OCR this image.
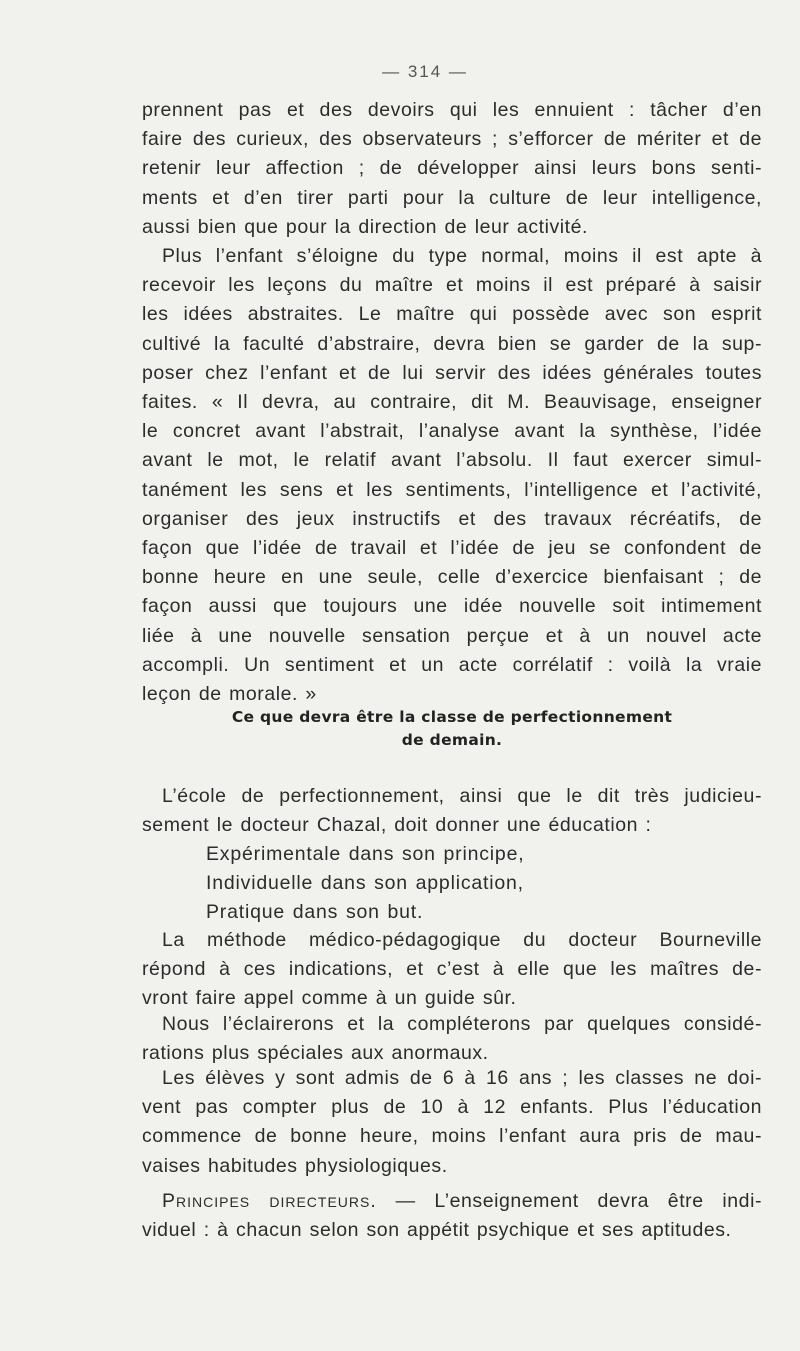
— 314 —
prennent pas et des devoirs qui les ennuient : tâcher d’en
faire des curieux, des observateurs ; s’efforcer de mériter et de
retenir leur affection ; de développer ainsi leurs bons senti-
ments et d’en tirer parti pour la culture de leur intelligence,
aussi bien que pour la direction de leur activité.
Plus l’enfant s’éloigne du type normal, moins il est apte à
recevoir les leçons du maître et moins il est préparé à saisir
les idées abstraites. Le maître qui possède avec son esprit
cultivé la faculté d’abstraire, devra bien se garder de la sup-
poser chez l’enfant et de lui servir des idées générales toutes
faites. « Il devra, au contraire, dit M. Beauvisage, enseigner
le concret avant l’abstrait, l’analyse avant la synthèse, l’idée
avant le mot, le relatif avant l’absolu. Il faut exercer simul-
tanément les sens et les sentiments, l’intelligence et l’activité,
organiser des jeux instructifs et des travaux récréatifs, de
façon que l’idée de travail et l’idée de jeu se confondent de
bonne heure en une seule, celle d’exercice bienfaisant ; de
façon aussi que toujours une idée nouvelle soit intimement
liée à une nouvelle sensation perçue et à un nouvel acte
accompli. Un sentiment et un acte corrélatif : voilà la vraie
leçon de morale. »
Ce que devra être la classe de perfectionnement
de demain.
L’école de perfectionnement, ainsi que le dit très judicieu-
sement le docteur Chazal, doit donner une éducation :
Expérimentale dans son principe,
Individuelle dans son application,
Pratique dans son but.
La méthode médico-pédagogique du docteur Bourneville
répond à ces indications, et c’est à elle que les maîtres de-
vront faire appel comme à un guide sûr.
Nous l’éclairerons et la compléterons par quelques considé-
rations plus spéciales aux anormaux.
Les élèves y sont admis de 6 à 16 ans ; les classes ne doi-
vent pas compter plus de 10 à 12 enfants. Plus l’éducation
commence de bonne heure, moins l’enfant aura pris de mau-
vaises habitudes physiologiques.
Principes directeurs. — L’enseignement devra être indi-
viduel : à chacun selon son appétit psychique et ses aptitudes.
